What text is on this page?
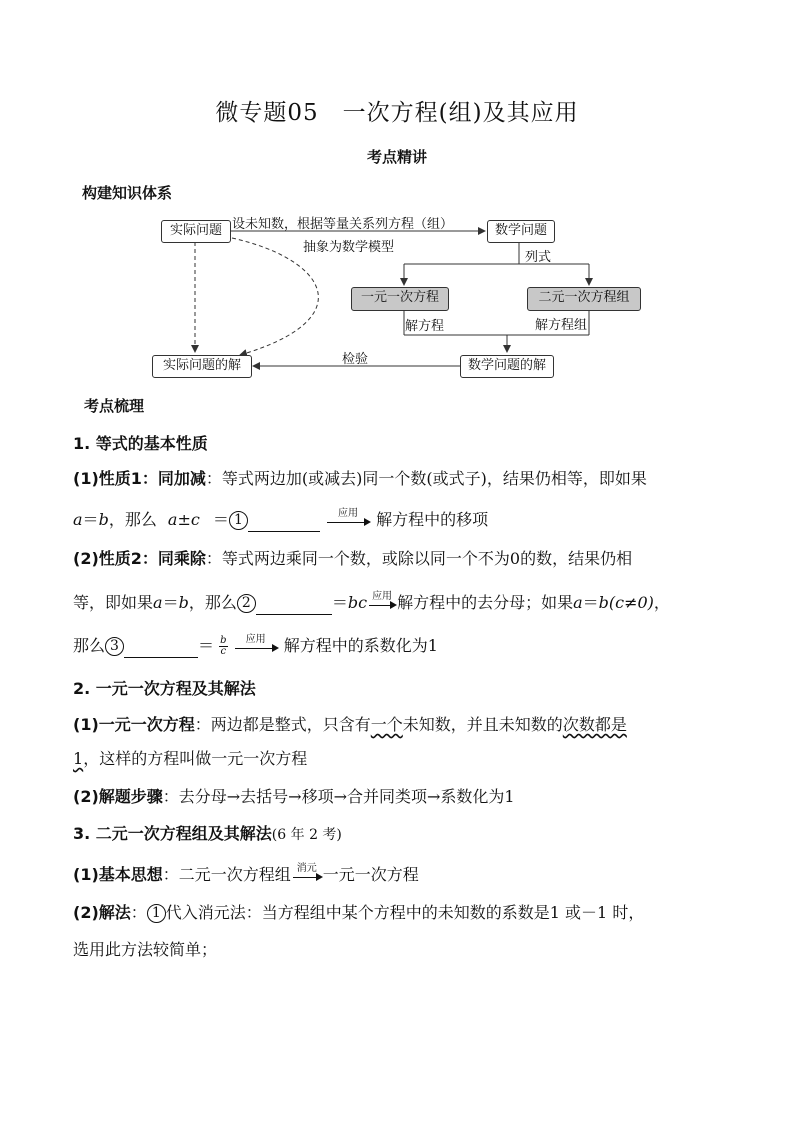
微专题05　一次方程(组)及其应用
考点精讲
构建知识体系
实际问题	数学问题
一元一次方程	二元一次方程组
实际问题的解	数学问题的解
设未知数，根据等量关系列方程（组）
抽象为数学模型
列式
解方程	解方程组
检验
考点梳理
1. 等式的基本性质
(1)性质1：同加减：等式两边加(或减去)同一个数(或式子)，结果仍相等，即如果
a＝b，那么 a±c ＝ 1	应用	解方程中的移项
(2)性质2：同乘除：等式两边乘同一个数，或除以同一个不为0的数，结果仍相
等，即如果a＝b，那么 2	＝bc 应用 解方程中的去分母；如果a＝b(c≠0)，
那么 3	＝ $\frac{b}{c}$
	应用	解方程中的系数化为1
2. 一元一次方程及其解法
(1)一元一次方程：两边都是整式，只含有一个未知数，并且未知数的次数都是
1，这样的方程叫做一元一次方程
(2)解题步骤：去分母→去括号→移项→合并同类项→系数化为1
3. 二元一次方程组及其解法(6 年 2 考)
(1)基本思想：二元一次方程组 消元 一元一次方程
(2)解法： 1 代入消元法：当方程组中某个方程中的未知数的系数是1 或－1 时，
选用此方法较简单；
